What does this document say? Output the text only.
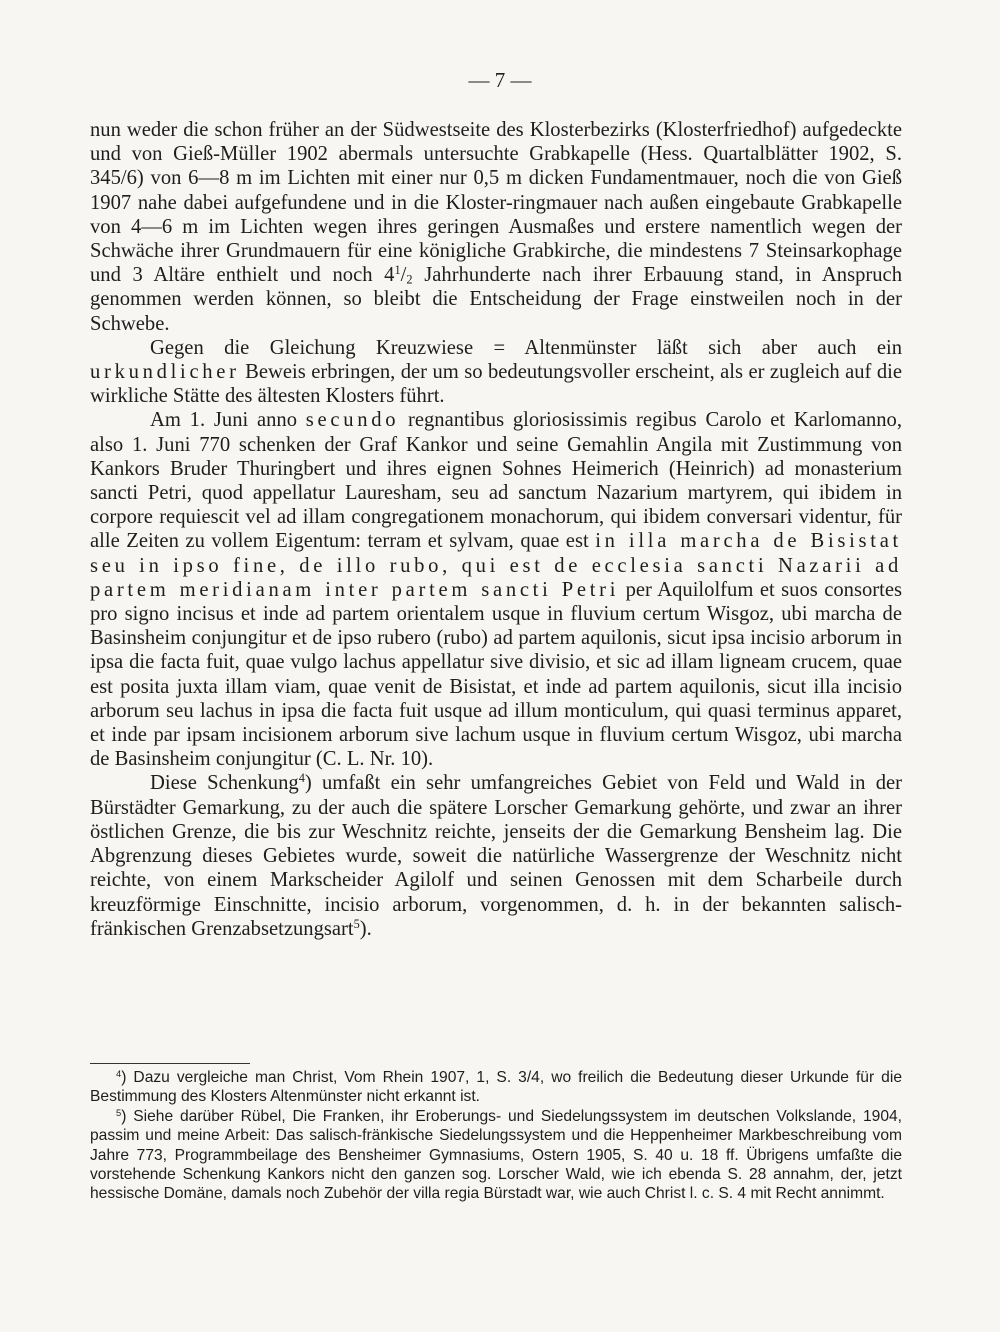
— 7 —

nun weder die schon früher an der Südwestseite des Klosterbezirks (Klosterfriedhof) aufgedeckte und von Gieß-Müller 1902 abermals untersuchte Grabkapelle (Hess. Quartalblätter 1902, S. 345/6) von 6—8 m im Lichten mit einer nur 0,5 m dicken Fundamentmauer, noch die von Gieß 1907 nahe dabei aufgefundene und in die Kloster-ringmauer nach außen eingebaute Grabkapelle von 4—6 m im Lichten wegen ihres geringen Ausmaßes und erstere namentlich wegen der Schwäche ihrer Grundmauern für eine königliche Grabkirche, die mindestens 7 Steinsarkophage und 3 Altäre enthielt und noch $4^1/_2$ Jahrhunderte nach ihrer Erbauung stand, in Anspruch genommen werden können, so bleibt die Entscheidung der Frage einstweilen noch in der Schwebe.

Gegen die Gleichung Kreuzwiese = Altenmünster läßt sich aber auch ein urkundlicher Beweis erbringen, der um so bedeutungsvoller erscheint, als er zugleich auf die wirkliche Stätte des ältesten Klosters führt.

Am 1. Juni anno secundo regnantibus gloriosissimis regibus Carolo et Karlomanno, also 1. Juni 770 schenken der Graf Kankor und seine Gemahlin Angila mit Zustimmung von Kankors Bruder Thuringbert und ihres eignen Sohnes Heimerich (Heinrich) ad monasterium sancti Petri, quod appellatur Lauresham, seu ad sanctum Nazarium martyrem, qui ibidem in corpore requiescit vel ad illam congregationem monachorum, qui ibidem conversari videntur, für alle Zeiten zu vollem Eigentum: terram et sylvam, quae est in illa marcha de Bisistat seu in ipso fine, de illo rubo, qui est de ecclesia sancti Nazarii ad partem meridianam inter partem sancti Petri per Aquilolfum et suos consortes pro signo incisus et inde ad partem orientalem usque in fluvium certum Wisgoz, ubi marcha de Basinsheim conjungitur et de ipso rubero (rubo) ad partem aquilonis, sicut ipsa incisio arborum in ipsa die facta fuit, quae vulgo lachus appellatur sive divisio, et sic ad illam ligneam crucem, quae est posita juxta illam viam, quae venit de Bisistat, et inde ad partem aquilonis, sicut illa incisio arborum seu lachus in ipsa die facta fuit usque ad illum monticulum, qui quasi terminus apparet, et inde par ipsam incisionem arborum sive lachum usque in fluvium certum Wisgoz, ubi marcha de Basinsheim conjungitur (C. L. Nr. 10).

Diese Schenkung$^4$) umfaßt ein sehr umfangreiches Gebiet von Feld und Wald in der Bürstädter Gemarkung, zu der auch die spätere Lorscher Gemarkung gehörte, und zwar an ihrer östlichen Grenze, die bis zur Weschnitz reichte, jenseits der die Gemarkung Bensheim lag. Die Abgrenzung dieses Gebietes wurde, soweit die natürliche Wassergrenze der Weschnitz nicht reichte, von einem Markscheider Agilolf und seinen Genossen mit dem Scharbeile durch kreuzförmige Einschnitte, incisio arborum, vorgenommen, d. h. in der bekannten salisch-fränkischen Grenzabsetzungsart$^5$).

$^4$) Dazu vergleiche man Christ, Vom Rhein 1907, 1, S. 3/4, wo freilich die Bedeutung dieser Urkunde für die Bestimmung des Klosters Altenmünster nicht erkannt ist.

$^5$) Siehe darüber Rübel, Die Franken, ihr Eroberungs- und Siedelungssystem im deutschen Volkslande, 1904, passim und meine Arbeit: Das salisch-fränkische Siedelungssystem und die Heppenheimer Markbeschreibung vom Jahre 773, Programmbeilage des Bensheimer Gymnasiums, Ostern 1905, S. 40 u. 18 ff. Übrigens umfaßte die vorstehende Schenkung Kankors nicht den ganzen sog. Lorscher Wald, wie ich ebenda S. 28 annahm, der, jetzt hessische Domäne, damals noch Zubehör der villa regia Bürstadt war, wie auch Christ l. c. S. 4 mit Recht annimmt.
